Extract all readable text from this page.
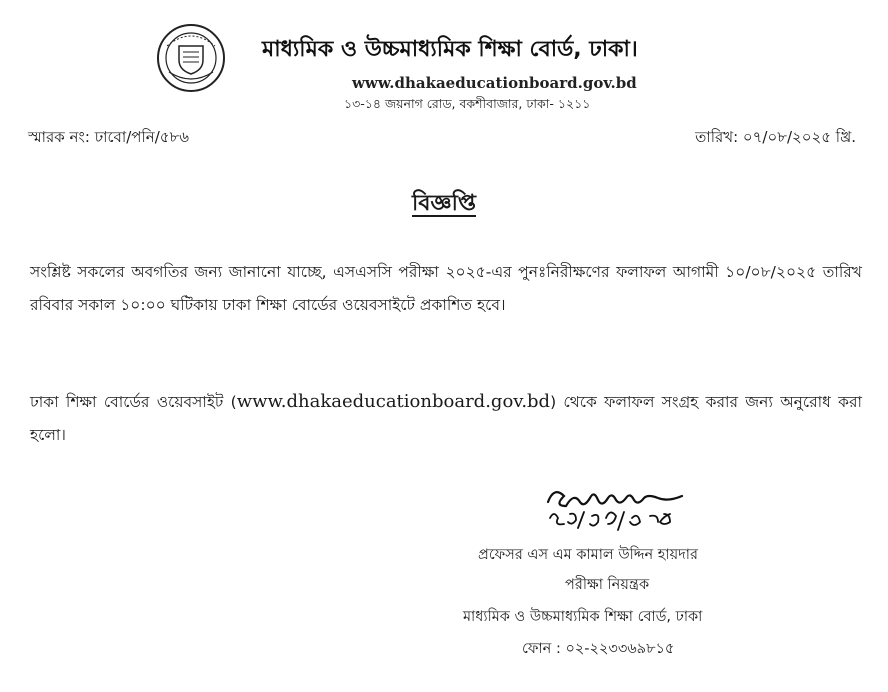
মাধ্যমিক ও উচ্চমাধ্যমিক শিক্ষা বোর্ড, ঢাকা।
www.dhakaeducationboard.gov.bd
১৩-১৪ জয়নাগ রোড, বকশীবাজার, ঢাকা- ১২১১
স্মারক নং: ঢাবো/পনি/৫৮৬	তারিখ: ০৭/০৮/২০২৫ খ্রি.
বিজ্ঞপ্তি
সংশ্লিষ্ট সকলের অবগতির জন্য জানানো যাচ্ছে, এসএসসি পরীক্ষা ২০২৫-এর পুনঃনিরীক্ষণের ফলাফল আগামী ১০/০৮/২০২৫ তারিখ রবিবার সকাল ১০:০০ ঘটিকায় ঢাকা শিক্ষা বোর্ডের ওয়েবসাইটে প্রকাশিত হবে।
ঢাকা শিক্ষা বোর্ডের ওয়েবসাইট (www.dhakaeducationboard.gov.bd) থেকে ফলাফল সংগ্রহ করার জন্য অনুরোধ করা হলো।
প্রফেসর এস এম কামাল উদ্দিন হায়দার
পরীক্ষা নিয়ন্ত্রক
মাধ্যমিক ও উচ্চমাধ্যমিক শিক্ষা বোর্ড, ঢাকা
ফোন : ০২-২২৩৩৬৯৮১৫
